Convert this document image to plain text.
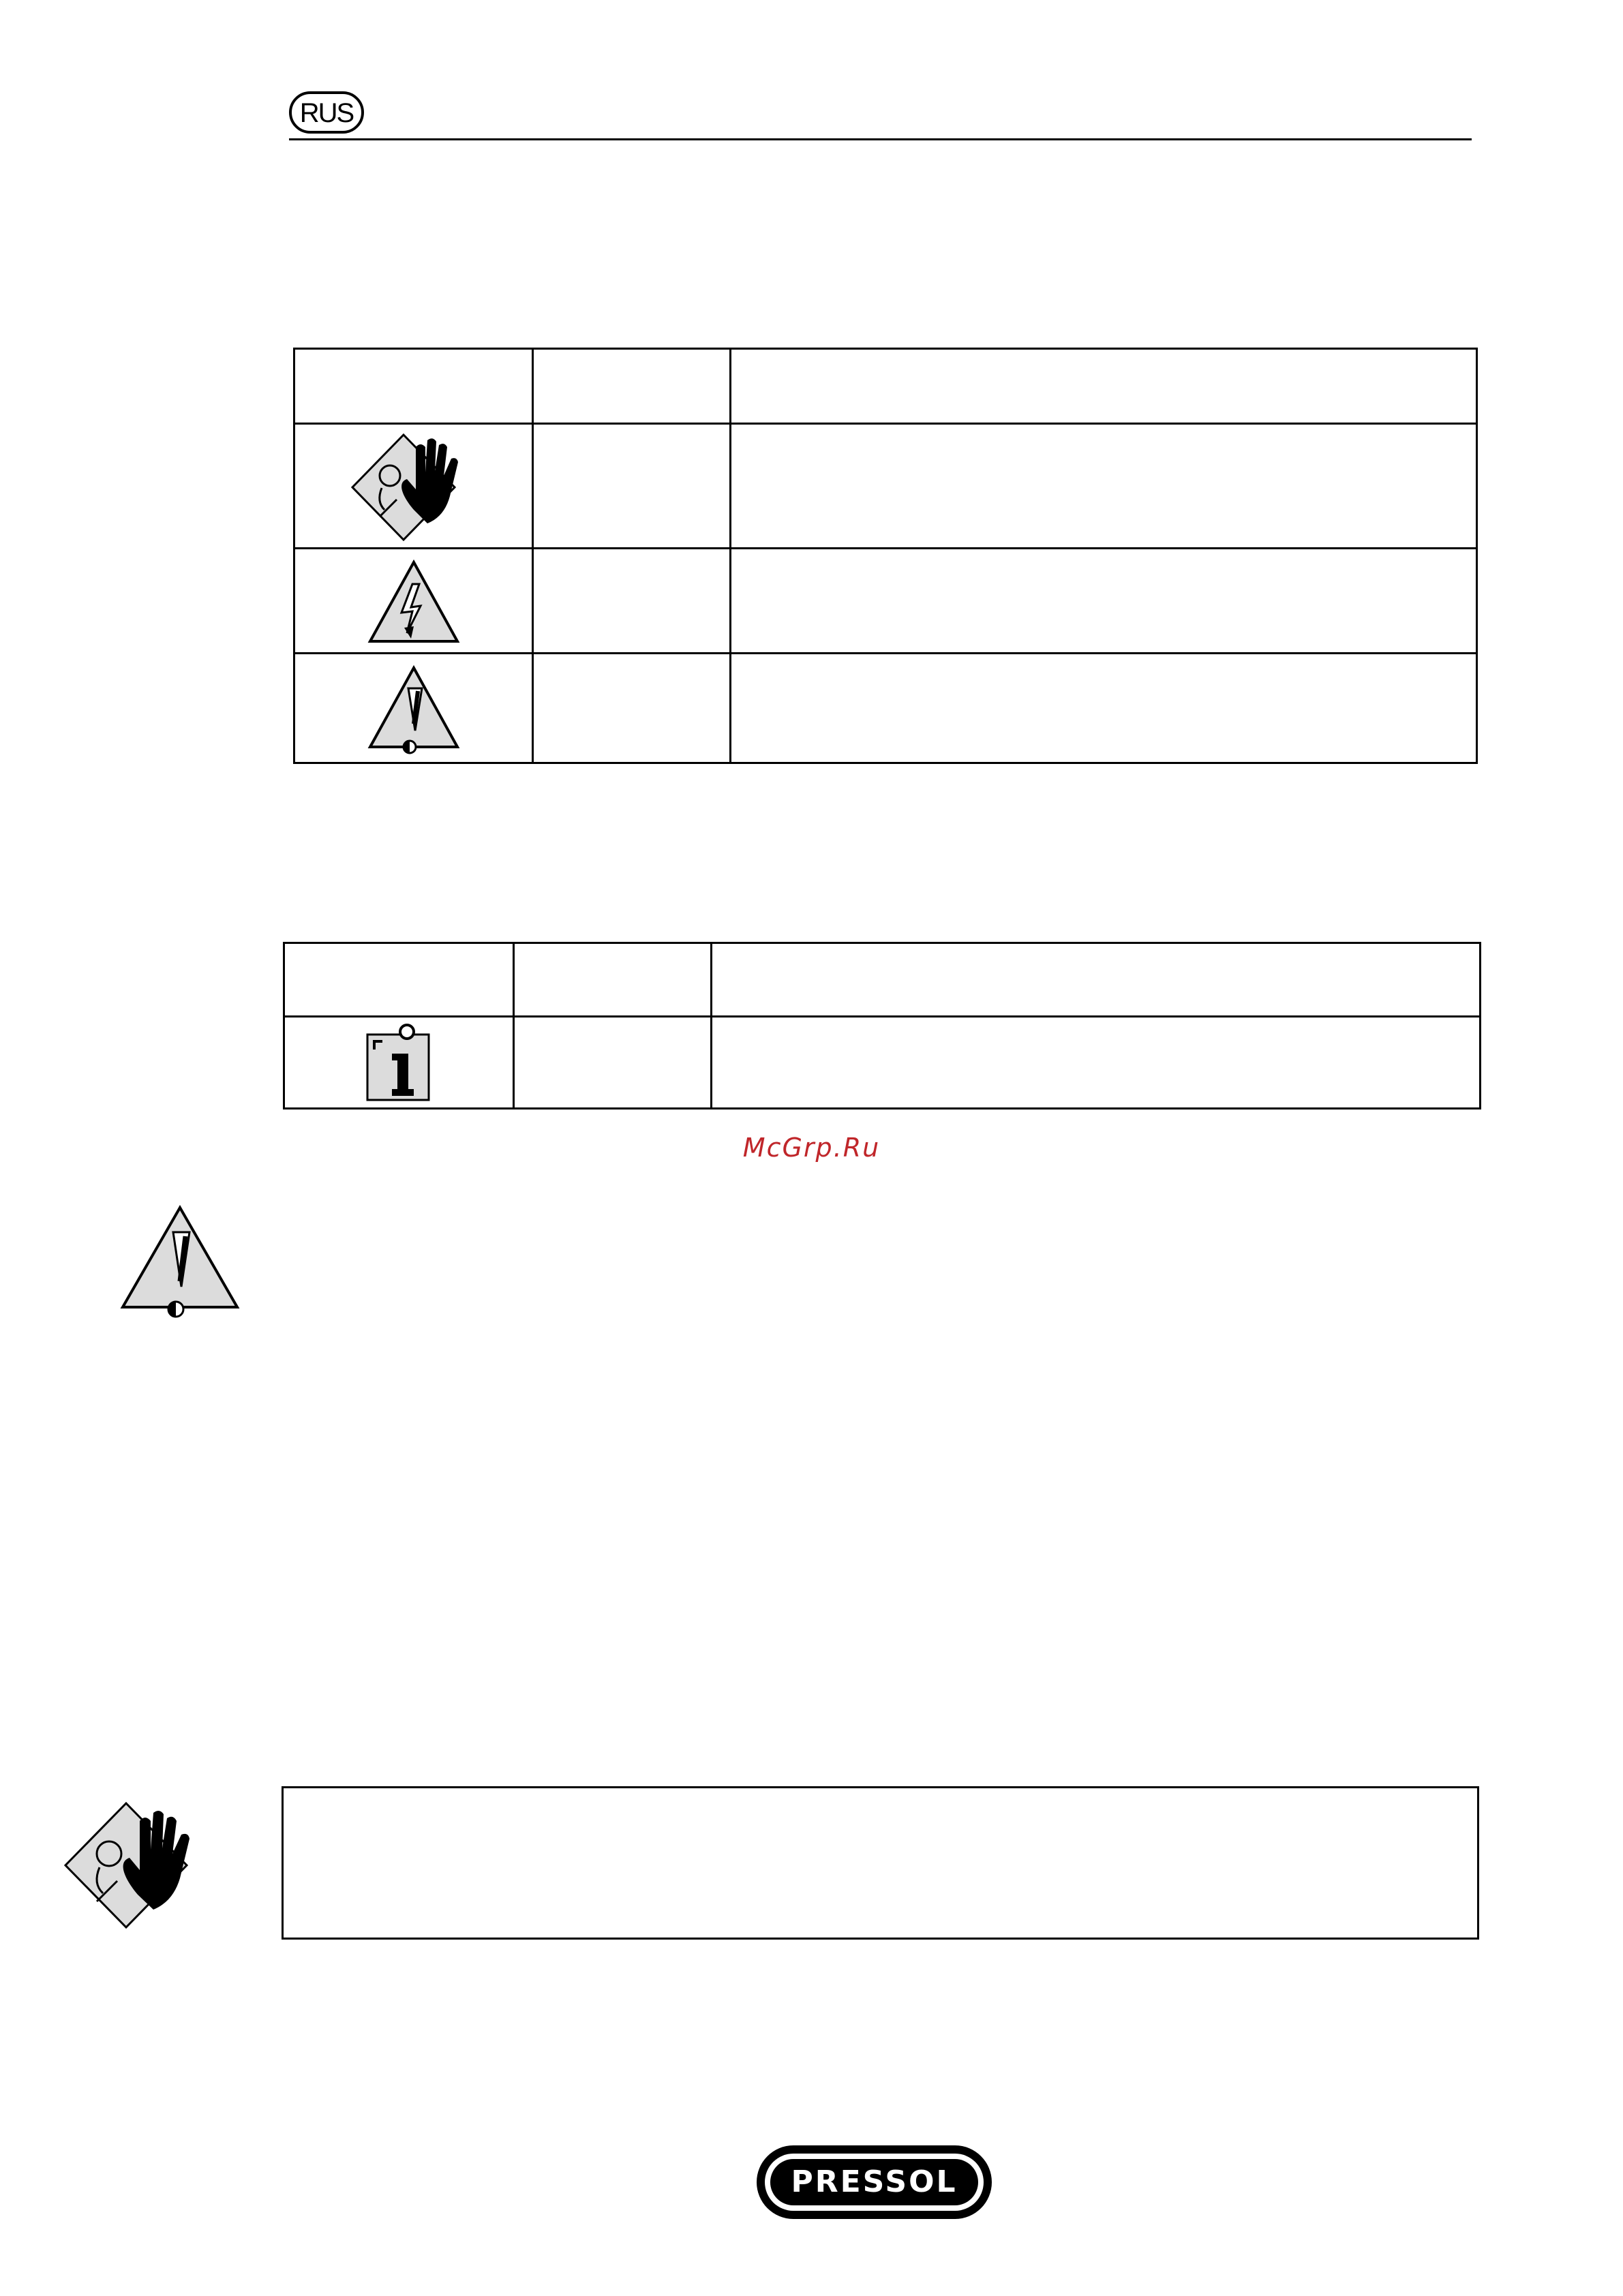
RUS

McGrp.Ru
PRESSOL
